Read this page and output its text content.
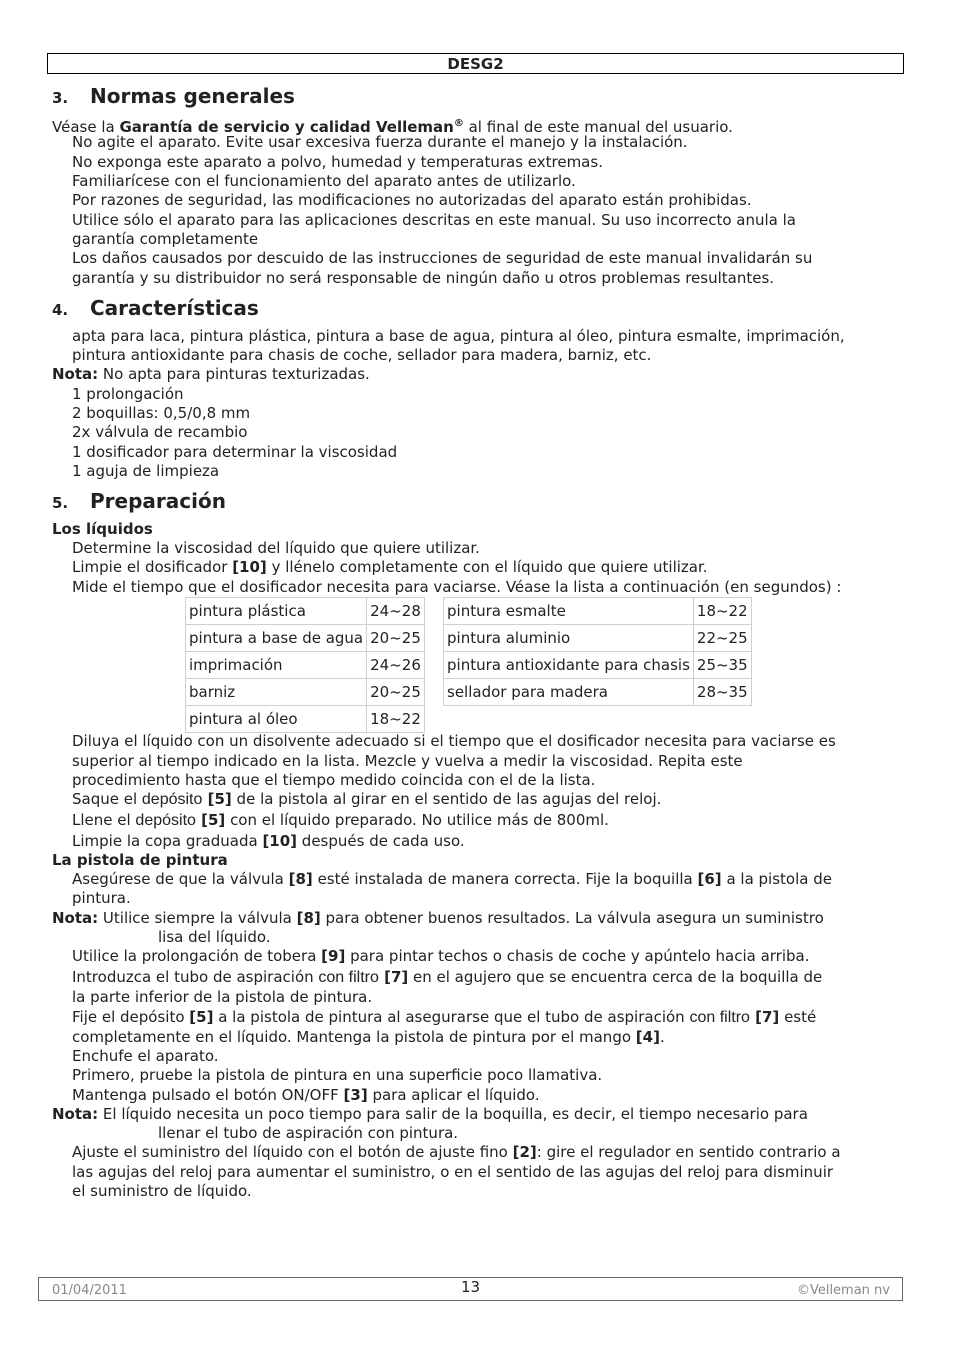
DESG2
3. Normas generales
Véase la Garantía de servicio y calidad Velleman® al final de este manual del usuario.
No agite el aparato. Evite usar excesiva fuerza durante el manejo y la instalación.
No exponga este aparato a polvo, humedad y temperaturas extremas.
Familiarícese con el funcionamiento del aparato antes de utilizarlo.
Por razones de seguridad, las modificaciones no autorizadas del aparato están prohibidas.
Utilice sólo el aparato para las aplicaciones descritas en este manual. Su uso incorrecto anula la
garantía completamente
Los daños causados por descuido de las instrucciones de seguridad de este manual invalidarán su
garantía y su distribuidor no será responsable de ningún daño u otros problemas resultantes.
4. Características
apta para laca, pintura plástica, pintura a base de agua, pintura al óleo, pintura esmalte, imprimación,
pintura antioxidante para chasis de coche, sellador para madera, barniz, etc.
Nota: No apta para pinturas texturizadas.
1 prolongación
2 boquillas: 0,5/0,8 mm
2x válvula de recambio
1 dosificador para determinar la viscosidad
1 aguja de limpieza
5. Preparación
Los líquidos
Determine la viscosidad del líquido que quiere utilizar.
Limpie el dosificador [10] y llénelo completamente con el líquido que quiere utilizar.
Mide el tiempo que el dosificador necesita para vaciarse. Véase la lista a continuación (en segundos) :
pintura plástica	24~28
pintura a base de agua	20~25
imprimación	24~26
barniz	20~25
pintura al óleo	18~22
pintura esmalte	18~22
pintura aluminio	22~25
pintura antioxidante para chasis	25~35
sellador para madera	28~35
Diluya el líquido con un disolvente adecuado si el tiempo que el dosificador necesita para vaciarse es
superior al tiempo indicado en la lista. Mezcle y vuelva a medir la viscosidad. Repita este
procedimiento hasta que el tiempo medido coincida con el de la lista.
Saque el depósito [5] de la pistola al girar en el sentido de las agujas del reloj.
Llene el depósito [5] con el líquido preparado. No utilice más de 800ml.
Limpie la copa graduada [10] después de cada uso.
La pistola de pintura
Asegúrese de que la válvula [8] esté instalada de manera correcta. Fije la boquilla [6] a la pistola de
pintura.
Nota: Utilice siempre la válvula [8] para obtener buenos resultados. La válvula asegura un suministro
lisa del líquido.
Utilice la prolongación de tobera [9] para pintar techos o chasis de coche y apúntelo hacia arriba.
Introduzca el tubo de aspiración con filtro [7] en el agujero que se encuentra cerca de la boquilla de
la parte inferior de la pistola de pintura.
Fije el depósito [5] a la pistola de pintura al asegurarse que el tubo de aspiración con filtro [7] esté
completamente en el líquido. Mantenga la pistola de pintura por el mango [4].
Enchufe el aparato.
Primero, pruebe la pistola de pintura en una superficie poco llamativa.
Mantenga pulsado el botón ON/OFF [3] para aplicar el líquido.
Nota: El líquido necesita un poco tiempo para salir de la boquilla, es decir, el tiempo necesario para
llenar el tubo de aspiración con pintura.
Ajuste el suministro del líquido con el botón de ajuste fino [2]: gire el regulador en sentido contrario a
las agujas del reloj para aumentar el suministro, o en el sentido de las agujas del reloj para disminuir
el suministro de líquido.
01/04/2011	13	©Velleman nv
